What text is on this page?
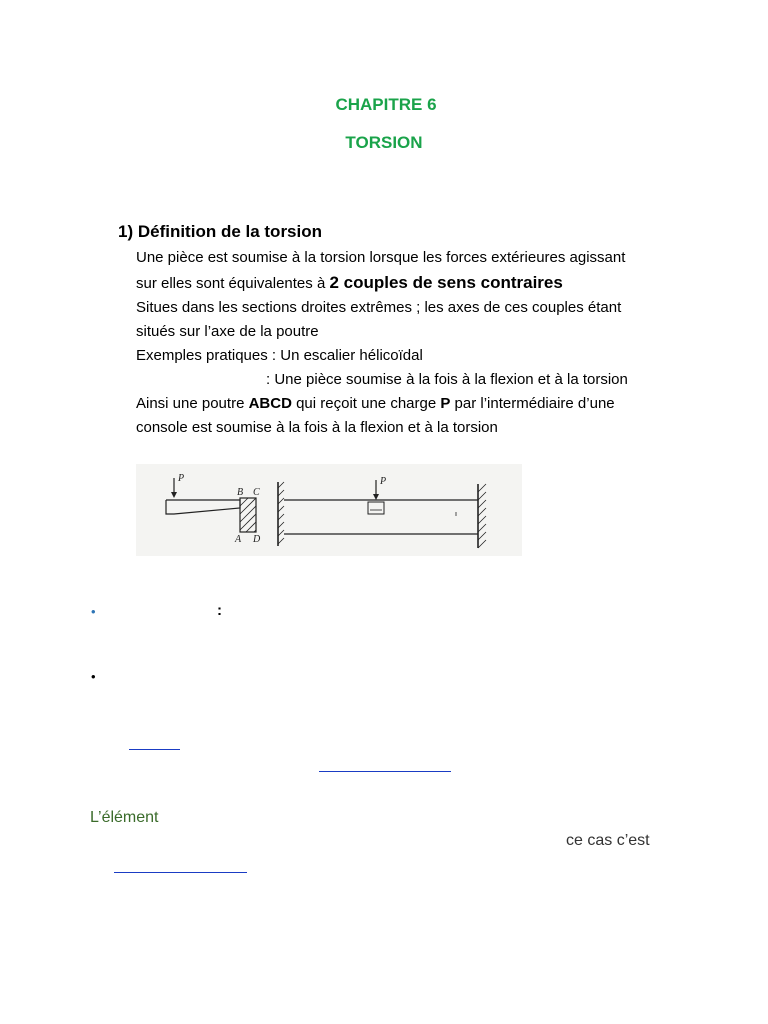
CHAPITRE 6
TORSION
1) Définition de la torsion
Une pièce est soumise à la torsion lorsque les forces extérieures agissant
sur elles sont équivalentes à 2 couples de sens contraires
Situes dans les sections droites extrêmes ; les axes de ces couples étant
situés sur l’axe de la poutre
Exemples pratiques : Un escalier hélicoïdal
: Une pièce soumise à la fois à la flexion et à la torsion
Ainsi une poutre ABCD qui reçoit une charge P par l’intermédiaire d’une
console est soumise à la fois à la flexion et à la torsion
P
B C
A D
P
•	:
•
L’élément
ce cas c’est
